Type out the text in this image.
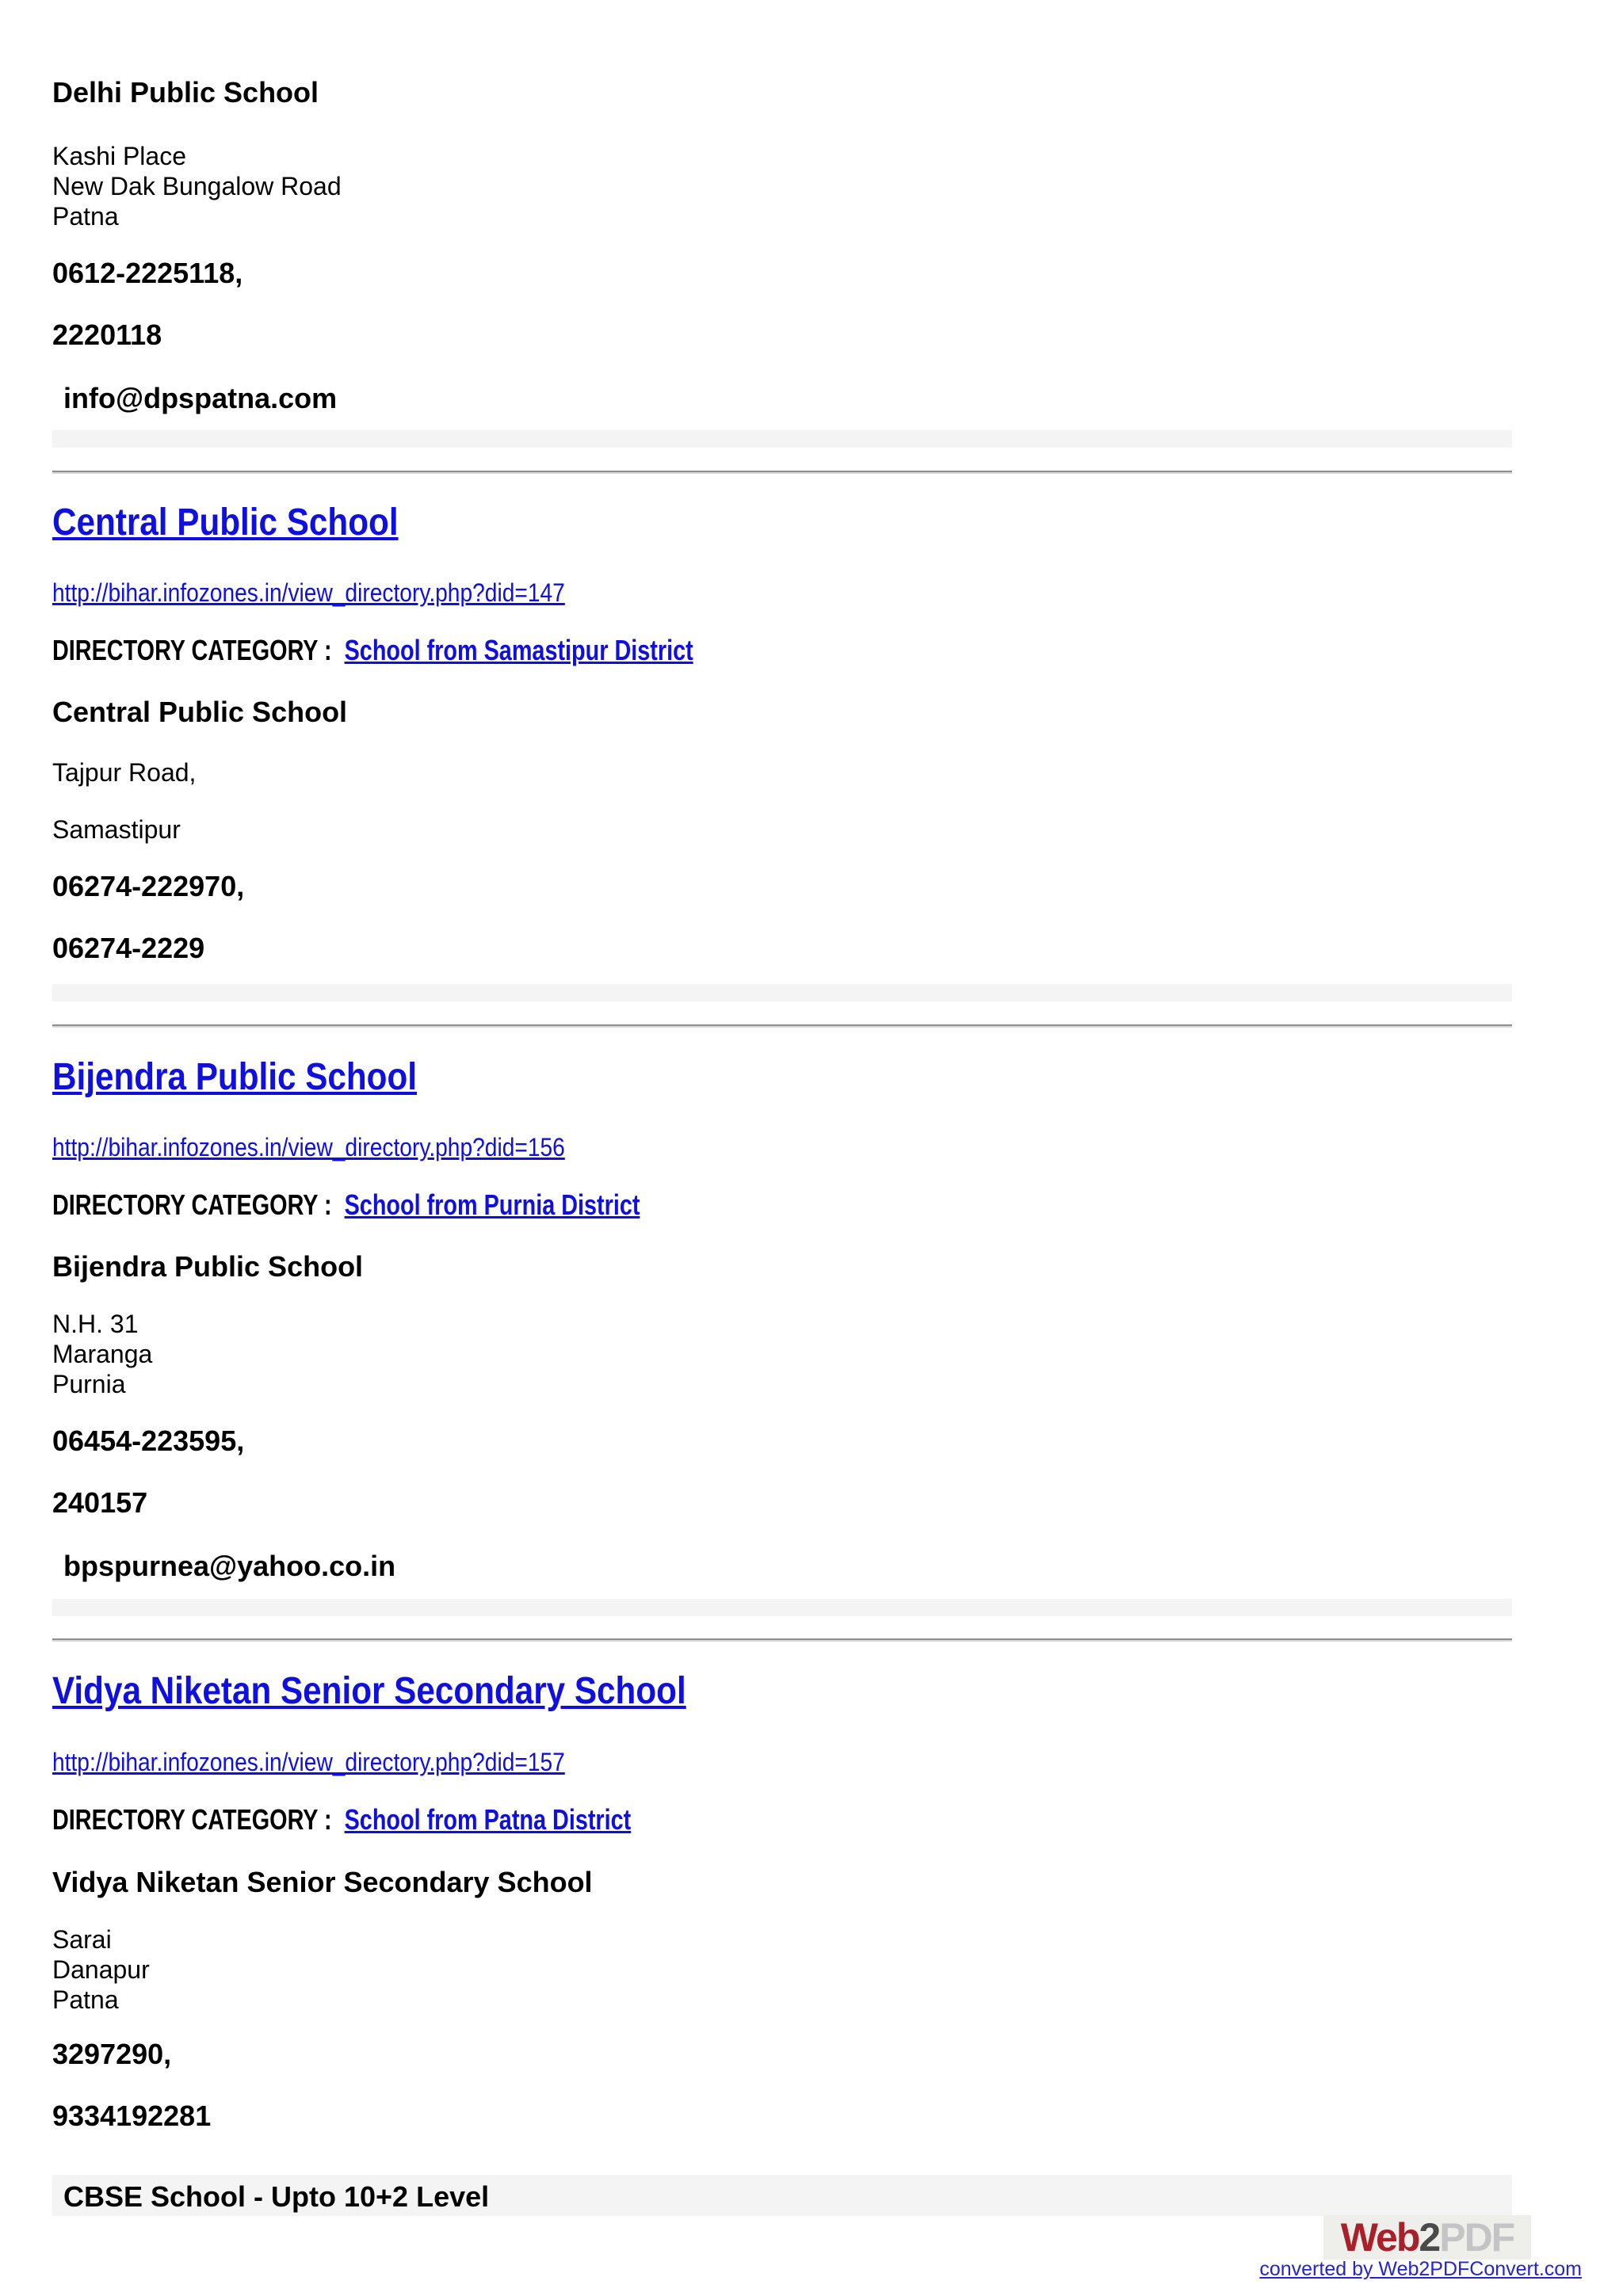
Delhi Public School
Kashi Place
New Dak Bungalow Road
Patna
0612-2225118,
2220118
info@dpspatna.com
Central Public School
http://bihar.infozones.in/view_directory.php?did=147
DIRECTORY CATEGORY : School from Samastipur District
Central Public School
Tajpur Road,
Samastipur
06274-222970,
06274-2229
Bijendra Public School
http://bihar.infozones.in/view_directory.php?did=156
DIRECTORY CATEGORY : School from Purnia District
Bijendra Public School
N.H. 31
Maranga
Purnia
06454-223595,
240157
bpspurnea@yahoo.co.in
Vidya Niketan Senior Secondary School
http://bihar.infozones.in/view_directory.php?did=157
DIRECTORY CATEGORY : School from Patna District
Vidya Niketan Senior Secondary School
Sarai
Danapur
Patna
3297290,
9334192281
CBSE School - Upto 10+2 Level
Web2PDF
converted by Web2PDFConvert.com
